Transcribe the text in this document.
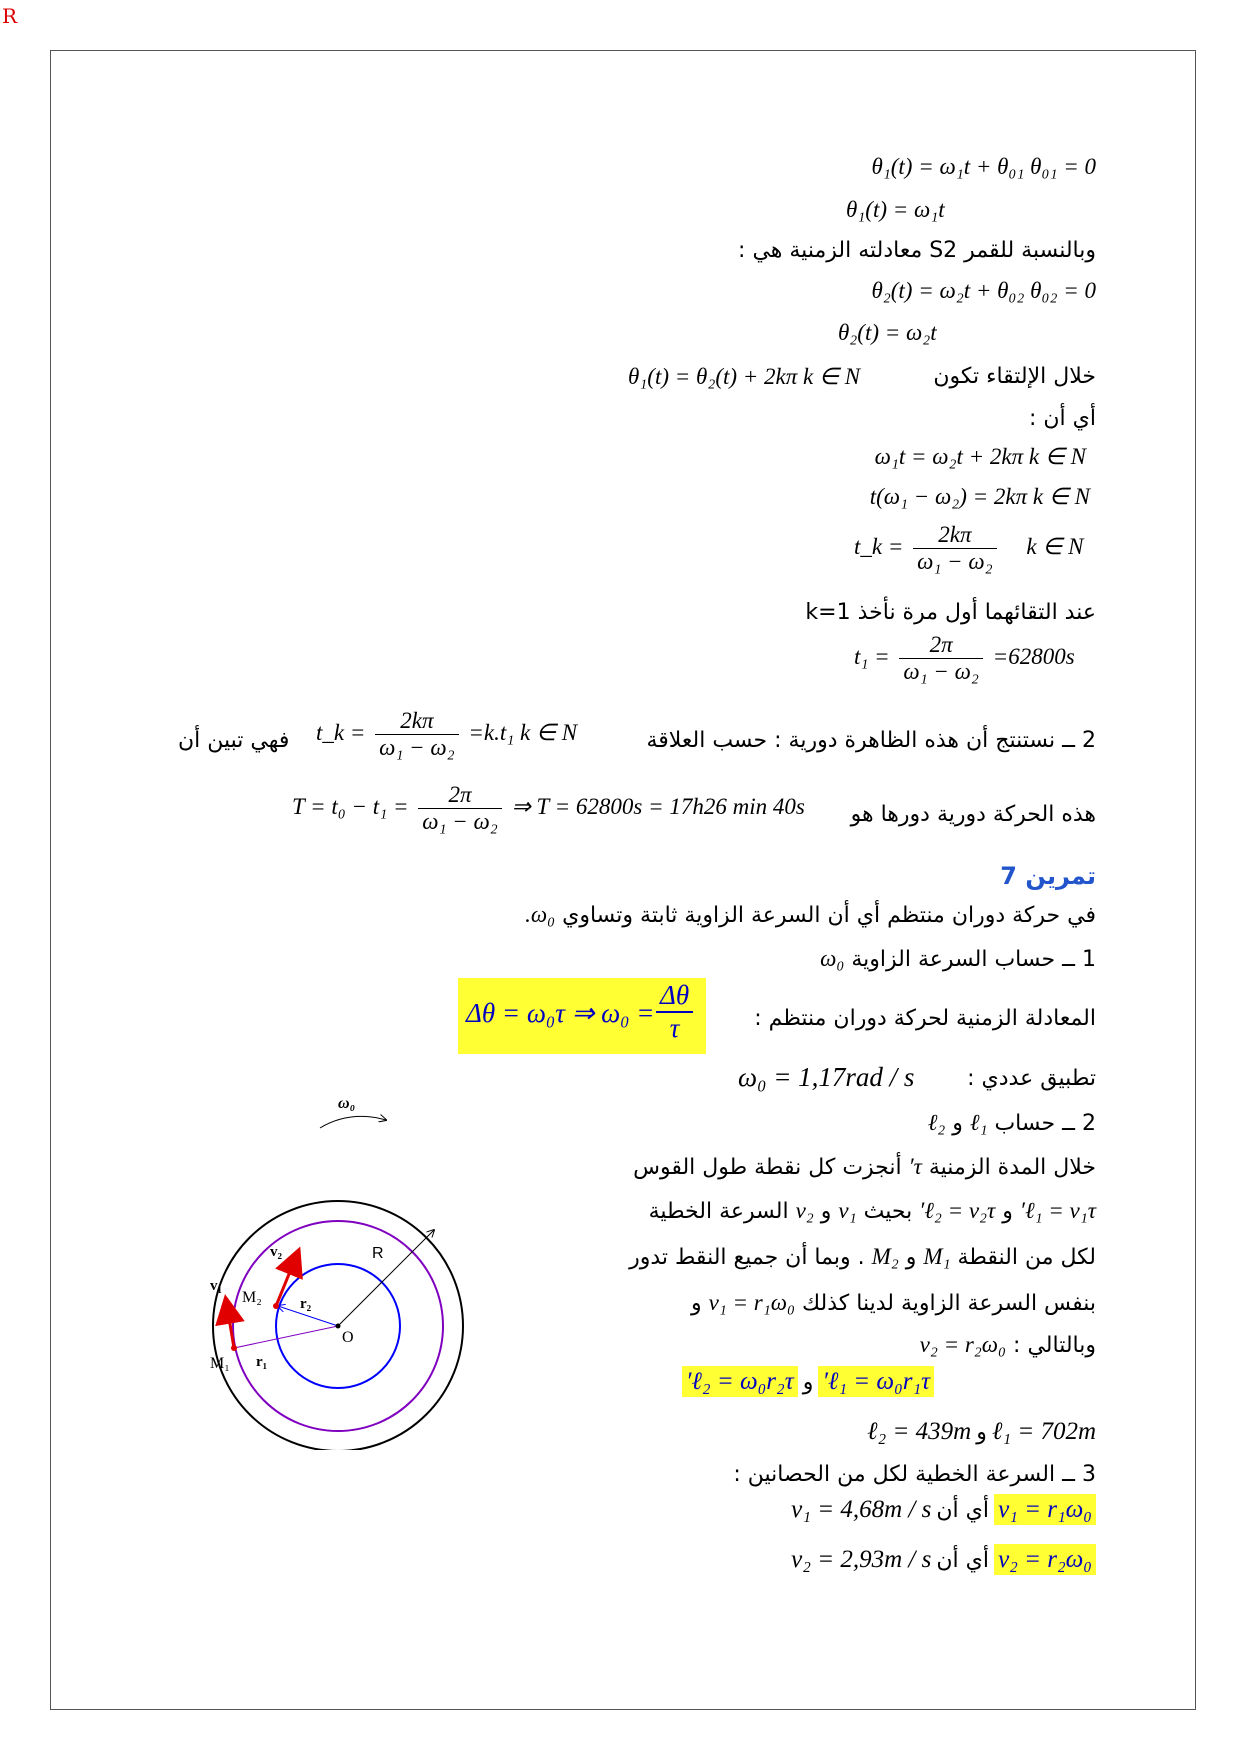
R
θ₁(t) = ω₁t + θ₀₁ θ₀₁ = 0
θ₁(t) = ω₁t
وبالنسبة للقمر S2 معادلته الزمنية هي :
θ₂(t) = ω₂t + θ₀₂ θ₀₂ = 0
θ₂(t) = ω₂t
خلال الإلتقاء تكون
θ₁(t) = θ₂(t) + 2kπ k ∈ N
أي أن :
ω₁t = ω₂t + 2kπ k ∈ N
t(ω₁ − ω₂) = 2kπ k ∈ N
t_k = $\frac{2k\pi}{\text{ω₁ − ω₂}}$ k ∈ N
عند التقائهما أول مرة نأخذ k=1
$t_1 = \frac{2\pi}{\text{ω₁ − ω₂}} =62800s$
2 ــ نستنتج أن هذه الظاهرة دورية : حسب العلاقة
t_k = $\frac{2k\pi}{\text{ω₁ − ω₂}} =k.t_1$ k ∈ N
فهي تبين أن
هذه الحركة دورية دورها هو
$T = t_0 - t_1 = \frac{2\pi}{\text{ω₁ − ω₂}}$ ⇒ T = 62800s = 17h26 min 40s
تمرين 7
في حركة دوران منتظم أي أن السرعة الزاوية ثابتة وتساوي ω₀.
1 ــ حساب السرعة الزاوية ω₀
المعادلة الزمنية لحركة دوران منتظم :
Δθ = ω₀τ ⇒ $\omega_0 = \frac{\Delta\theta}{\tau}$
تطبيق عددي :
ω₀ = 1,17rad / s
2 ــ حساب ℓ₁ و ℓ₂
خلال المدة الزمنية τ′ أنجزت كل نقطة طول القوس
ℓ₁ = v₁τ′ و ℓ₂ = v₂τ′ بحيث v₁ و v₂ السرعة الخطية
لكل من النقطة M₁ و M₂ . وبما أن جميع النقط تدور
بنفس السرعة الزاوية لدينا كذلك v₁ = r₁ω₀ و
وبالتالي : v₂ = r₂ω₀
ℓ₁ = ω₀r₁τ′ و ℓ₂ = ω₀r₂τ′
ℓ₁ = 702m و ℓ₂ = 439m
3 ــ السرعة الخطية لكل من الحصانين :
v₁ = r₁ω₀ أي أن v₁ = 4,68m / s
v₂ = r₂ω₀ أي أن v₂ = 2,93m / s
ω₀
R
O
r₂
r₁
M₂
M₁
v₂
v₁
